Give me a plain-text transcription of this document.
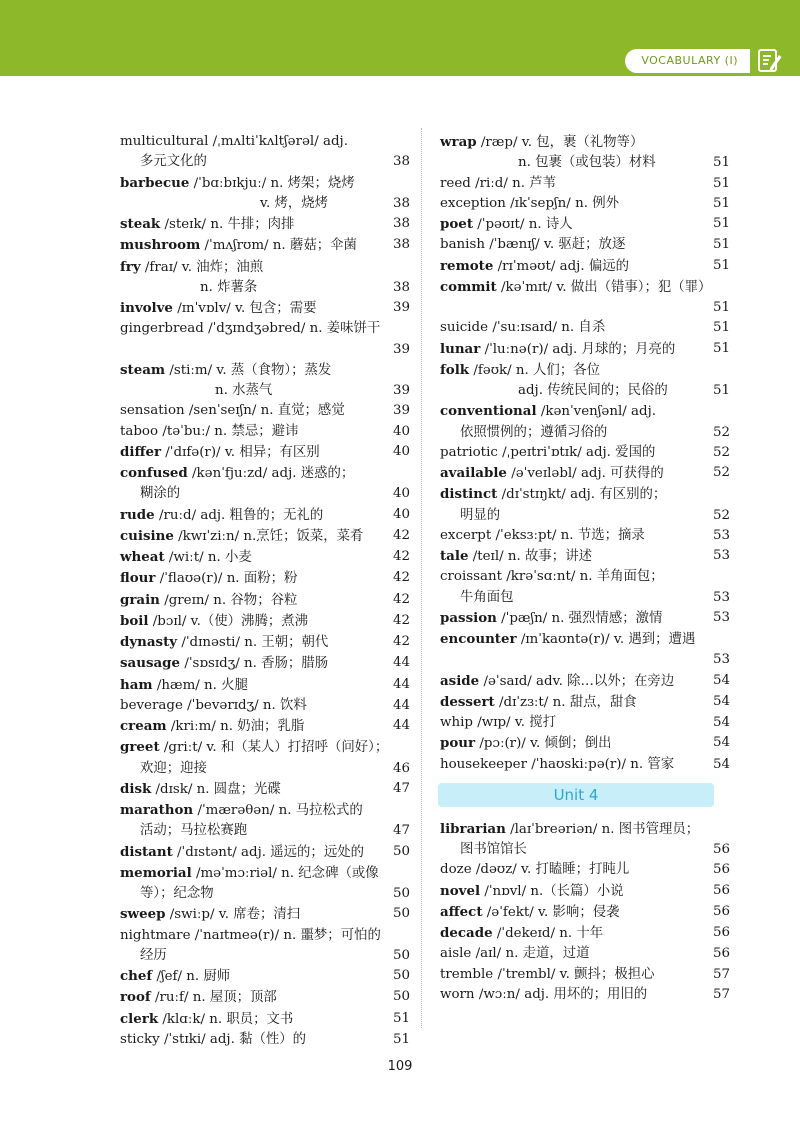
VOCABULARY (I)
multicultural /ˌmʌltiˈkʌltʃərəl/ adj.
多元文化的	38
barbecue /ˈbɑːbɪkjuː/ n. 烤架；烧烤
v. 烤，烧烤	38
steak /steɪk/ n. 牛排；肉排	38
mushroom /ˈmʌʃrʊm/ n. 蘑菇；伞菌	38
fry /fraɪ/ v. 油炸；油煎
n. 炸薯条	38
involve /ɪnˈvɒlv/ v. 包含；需要	39
gingerbread /ˈdʒɪndʒəbred/ n. 姜味饼干
39

steam /stiːm/ v. 蒸（食物）；蒸发
n. 水蒸气	39
sensation /senˈseɪʃn/ n. 直觉；感觉	39
taboo /təˈbuː/ n. 禁忌；避讳	40
differ /ˈdɪfə(r)/ v. 相异；有区别	40
confused /kənˈfjuːzd/ adj. 迷惑的；
糊涂的	40
rude /ruːd/ adj. 粗鲁的；无礼的	40
cuisine /kwɪˈziːn/ n.烹饪；饭菜，菜肴 42
wheat /wiːt/ n. 小麦	42
flour /ˈflaʊə(r)/ n. 面粉；粉	42
grain /greɪn/ n. 谷物；谷粒	42
boil /bɔɪl/ v.（使）沸腾；煮沸	42
dynasty /ˈdɪnəsti/ n. 王朝；朝代	42
sausage /ˈsɒsɪdʒ/ n. 香肠；腊肠	44
ham /hæm/ n. 火腿	44
beverage /ˈbevərɪdʒ/ n. 饮料	44
cream /kriːm/ n. 奶油；乳脂	44
greet /griːt/ v. 和（某人）打招呼（问好）；
欢迎；迎接	46
disk /dɪsk/ n. 圆盘；光碟	47
marathon /ˈmærəθən/ n. 马拉松式的
活动；马拉松赛跑	47
distant /ˈdɪstənt/ adj. 遥远的；远处的 50
memorial /məˈmɔːriəl/ n. 纪念碑（或像
等）；纪念物	50
sweep /swiːp/ v. 席卷；清扫	50
nightmare /ˈnaɪtmeə(r)/ n. 噩梦；可怕的
经历	50
chef /ʃef/ n. 厨师	50
roof /ruːf/ n. 屋顶；顶部	50
clerk /klɑːk/ n. 职员；文书	51
sticky /ˈstɪki/ adj. 黏（性）的	51
wrap /ræp/ v. 包，裹（礼物等）
n. 包裹（或包装）材料	51
reed /riːd/ n. 芦苇	51
exception /ɪkˈsepʃn/ n. 例外	51
poet /ˈpəʊɪt/ n. 诗人	51
banish /ˈbænɪʃ/ v. 驱赶；放逐	51
remote /rɪˈməʊt/ adj. 偏远的	51
commit /kəˈmɪt/ v. 做出（错事）；犯（罪）
51

suicide /ˈsuːɪsaɪd/ n. 自杀	51
lunar /ˈluːnə(r)/ adj. 月球的；月亮的	51
folk /fəʊk/ n. 人们；各位
adj. 传统民间的；民俗的	51
conventional /kənˈvenʃənl/ adj.
依照惯例的；遵循习俗的	52
patriotic /ˌpeɪtriˈɒtɪk/ adj. 爱国的	52
available /əˈveɪləbl/ adj. 可获得的	52
distinct /dɪˈstɪŋkt/ adj. 有区别的；
明显的	52
excerpt /ˈeksɜːpt/ n. 节选；摘录	53
tale /teɪl/ n. 故事；讲述	53
croissant /krəˈsɑːnt/ n. 羊角面包；
牛角面包	53
passion /ˈpæʃn/ n. 强烈情感；激情	53
encounter /ɪnˈkaʊntə(r)/ v. 遇到；遭遇
53

aside /əˈsaɪd/ adv. 除…以外；在旁边	54
dessert /dɪˈzɜːt/ n. 甜点，甜食	54
whip /wɪp/ v. 搅打	54
pour /pɔː(r)/ v. 倾倒；倒出	54
housekeeper /ˈhaʊskiːpə(r)/ n. 管家	54
Unit 4
librarian /laɪˈbreəriən/ n. 图书管理员；
图书馆馆长	56
doze /dəʊz/ v. 打瞌睡；打盹儿	56
novel /ˈnɒvl/ n.（长篇）小说	56
affect /əˈfekt/ v. 影响；侵袭	56
decade /ˈdekeɪd/ n. 十年	56
aisle /aɪl/ n. 走道，过道	56
tremble /ˈtrembl/ v. 颤抖；极担心	57
worn /wɔːn/ adj. 用坏的；用旧的	57
109
